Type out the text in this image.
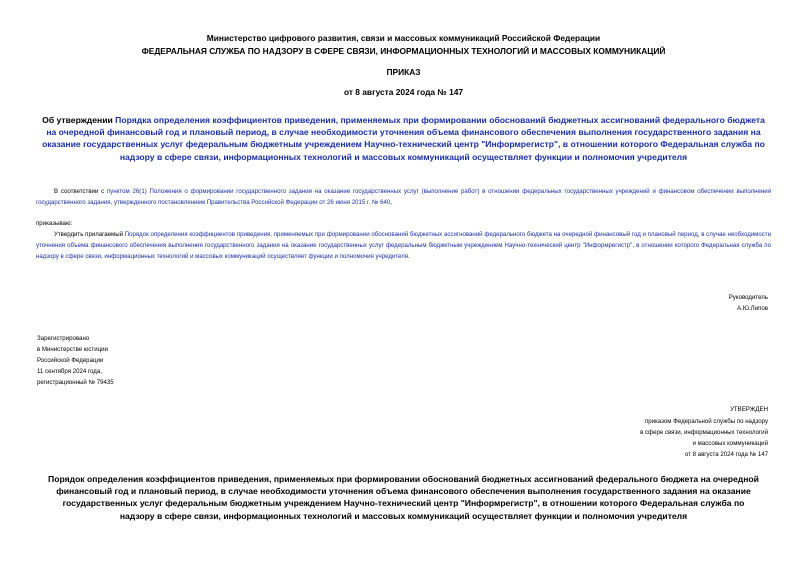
Министерство цифрового развития, связи и массовых коммуникаций Российской Федерации
ФЕДЕРАЛЬНАЯ СЛУЖБА ПО НАДЗОРУ В СФЕРЕ СВЯЗИ, ИНФОРМАЦИОННЫХ ТЕХНОЛОГИЙ И МАССОВЫХ КОММУНИКАЦИЙ
ПРИКАЗ
от 8 августа 2024 года № 147
Об утверждении Порядка определения коэффициентов приведения, применяемых при формировании обоснований бюджетных ассигнований федерального бюджета на очередной финансовый год и плановый период, в случае необходимости уточнения объема финансового обеспечения выполнения государственного задания на оказание государственных услуг федеральным бюджетным учреждением Научно-технический центр "Информрегистр", в отношении которого Федеральная служба по надзору в сфере связи, информационных технологий и массовых коммуникаций осуществляет функции и полномочия учредителя
В соответствии с пунктом 26(1) Положения о формировании государственного задания на оказание государственных услуг (выполнение работ) в отношении федеральных государственных учреждений и финансовом обеспечении выполнения государственного задания, утвержденного постановлением Правительства Российской Федерации от 26 июня 2015 г. № 640,
приказываю:
Утвердить прилагаемый Порядок определения коэффициентов приведения, применяемых при формировании обоснований бюджетных ассигнований федерального бюджета на очередной финансовый год и плановый период, в случае необходимости уточнения объема финансового обеспечения выполнения государственного задания на оказание государственных услуг федеральным бюджетным учреждением Научно-технический центр "Информрегистр", в отношении которого Федеральная служба по надзору в сфере связи, информационных технологий и массовых коммуникаций осуществляет функции и полномочия учредителя.
Руководитель
А.Ю.Липов
Зарегистрировано
в Министерстве юстиции
Российской Федерации
11 сентября 2024 года,
регистрационный № 79435
УТВЕРЖДЕН
приказом Федеральной службы по надзору
в сфере связи, информационных технологий
и массовых коммуникаций
от 8 августа 2024 года № 147
Порядок определения коэффициентов приведения, применяемых при формировании обоснований бюджетных ассигнований федерального бюджета на очередной финансовый год и плановый период, в случае необходимости уточнения объема финансового обеспечения выполнения государственного задания на оказание государственных услуг федеральным бюджетным учреждением Научно-технический центр "Информрегистр", в отношении которого Федеральная служба по надзору в сфере связи, информационных технологий и массовых коммуникаций осуществляет функции и полномочия учредителя
